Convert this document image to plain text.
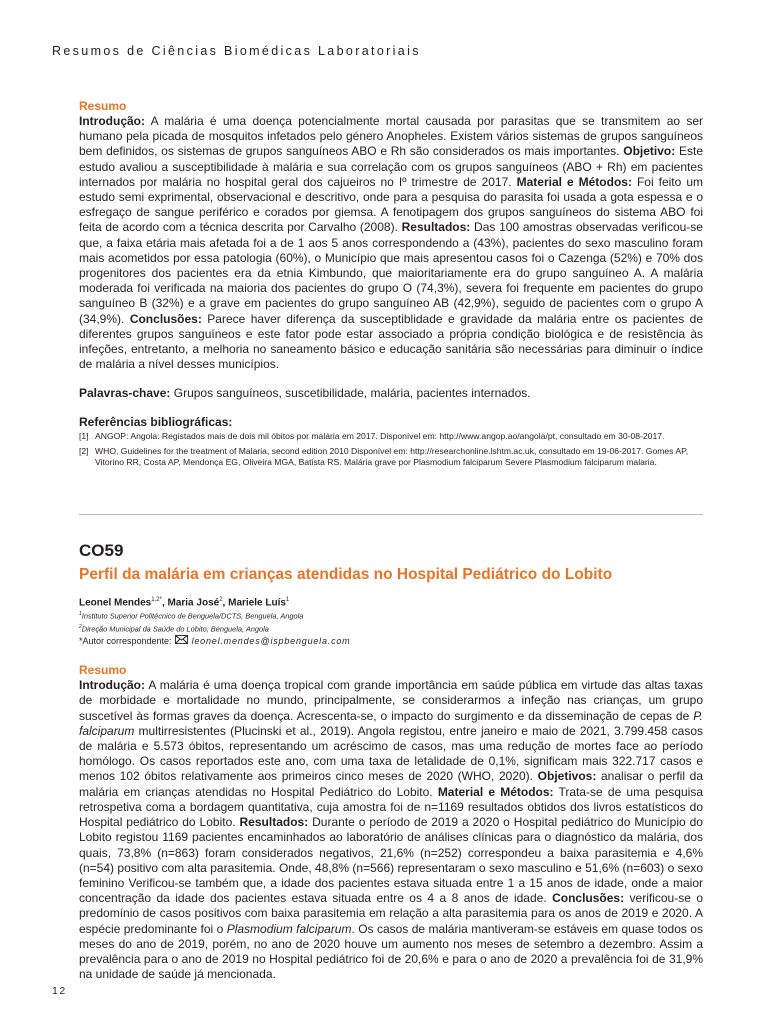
Resumos de Ciências Biomédicas Laboratoriais
Resumo

Introdução: A malária é uma doença potencialmente mortal causada por parasitas que se transmitem ao ser humano pela picada de mosquitos infetados pelo género Anopheles. Existem vários sistemas de grupos sanguíneos bem definidos, os sistemas de grupos sanguíneos ABO e Rh são considerados os mais importantes. Objetivo: Este estudo avaliou a susceptibilidade à malária e sua correlação com os grupos sanguíneos (ABO + Rh) em pacientes internados por malária no hospital geral dos cajueiros no Iº trimestre de 2017. Material e Métodos: Foi feito um estudo semi exprimental, observacional e descritivo, onde para a pesquisa do parasita foi usada a gota espessa e o esfregaço de sangue periférico e corados por giemsa. A fenotipagem dos grupos sanguíneos do sistema ABO foi feita de acordo com a técnica descrita por Carvalho (2008). Resultados: Das 100 amostras observadas verificou-se que, a faixa etária mais afetada foi a de 1 aos 5 anos correspondendo a (43%), pacientes do sexo masculino foram mais acometidos por essa patologia (60%), o Município que mais apresentou casos foi o Cazenga (52%) e 70% dos progenitores dos pacientes era da etnia Kimbundo, que maioritariamente era do grupo sanguíneo A. A malária moderada foi verificada na maioria dos pacientes do grupo O (74,3%), severa foi frequente em pacientes do grupo sanguíneo B (32%) e a grave em pacientes do grupo sanguíneo AB (42,9%), seguido de pacientes com o grupo A (34,9%). Conclusões: Parece haver diferença da susceptiblidade e gravidade da malária entre os pacientes de diferentes grupos sanguíneos e este fator pode estar associado a própria condição biológica e de resistência às infeções, entretanto, a melhoria no saneamento básico e educação sanitária são necessárias para diminuir o índice de malária a nível desses municípios.

Palavras-chave: Grupos sanguíneos, suscetibilidade, malária, pacientes internados.
Referências bibliográficas:
[1] ANGOP: Angola: Registados mais de dois mil óbitos por malária em 2017. Disponível em: http://www.angop.ao/angola/pt, consultado em 30-08-2017.
[2] WHO, Guidelines for the treatment of Malaria, second edition 2010 Disponível em: http://researchonline.lshtm.ac.uk, consultado em 19-06-2017. Gomes AP, Vitorino RR, Costa AP, Mendonça EG, Oliveira MGA, Batista RS. Malária grave por Plasmodium falciparum Severe Plasmodium falciparum malaria.
CO59
Perfil da malária em crianças atendidas no Hospital Pediátrico do Lobito
Leonel Mendes$^{1,2*}$, Maria José$^2$, Mariele Luís$^1$
$^1$Instituto Superior Politécnico de Benguela/DCTS, Benguela, Angola
$^2$Direção Municipal da Saúde do Lobito, Benguela, Angola
*Autor correspondente: leonel.mendes@ispbenguela.com
Resumo

Introdução: A malária é uma doença tropical com grande importância em saúde pública em virtude das altas taxas de morbidade e mortalidade no mundo, principalmente, se considerarmos a infeção nas crianças, um grupo suscetível às formas graves da doença. Acrescenta-se, o impacto do surgimento e da disseminação de cepas de P. falciparum multirresistentes (Plucinski et al., 2019). Angola registou, entre janeiro e maio de 2021, 3.799.458 casos de malária e 5.573 óbitos, representando um acréscimo de casos, mas uma redução de mortes face ao período homólogo. Os casos reportados este ano, com uma taxa de letalidade de 0,1%, significam mais 322.717 casos e menos 102 óbitos relativamente aos primeiros cinco meses de 2020 (WHO, 2020). Objetivos: analisar o perfil da malária em crianças atendidas no Hospital Pediátrico do Lobito. Material e Métodos: Trata-se de uma pesquisa retrospetiva coma a bordagem quantitativa, cuja amostra foi de n=1169 resultados obtidos dos livros estatísticos do Hospital pediátrico do Lobito. Resultados: Durante o período de 2019 a 2020 o Hospital pediátrico do Município do Lobito registou 1169 pacientes encaminhados ao laboratório de análises clínicas para o diagnóstico da malária, dos quais, 73,8% (n=863) foram considerados negativos, 21,6% (n=252) correspondeu a baixa parasitemia e 4,6% (n=54) positivo com alta parasitemia. Onde, 48,8% (n=566) representaram o sexo masculino e 51,6% (n=603) o sexo feminino Verificou-se também que, a idade dos pacientes estava situada entre 1 a 15 anos de idade, onde a maior concentração da idade dos pacientes estava situada entre os 4 a 8 anos de idade. Conclusões: verificou-se o predomínio de casos positivos com baixa parasitemia em relação a alta parasitemia para os anos de 2019 e 2020. A espécie predominante foi o Plasmodium falciparum. Os casos de malária mantiveram-se estáveis em quase todos os meses do ano de 2019, porém, no ano de 2020 houve um aumento nos meses de setembro a dezembro. Assim a prevalência para o ano de 2019 no Hospital pediátrico foi de 20,6% e para o ano de 2020 a prevalência foi de 31,9% na unidade de saúde já mencionada.

12
